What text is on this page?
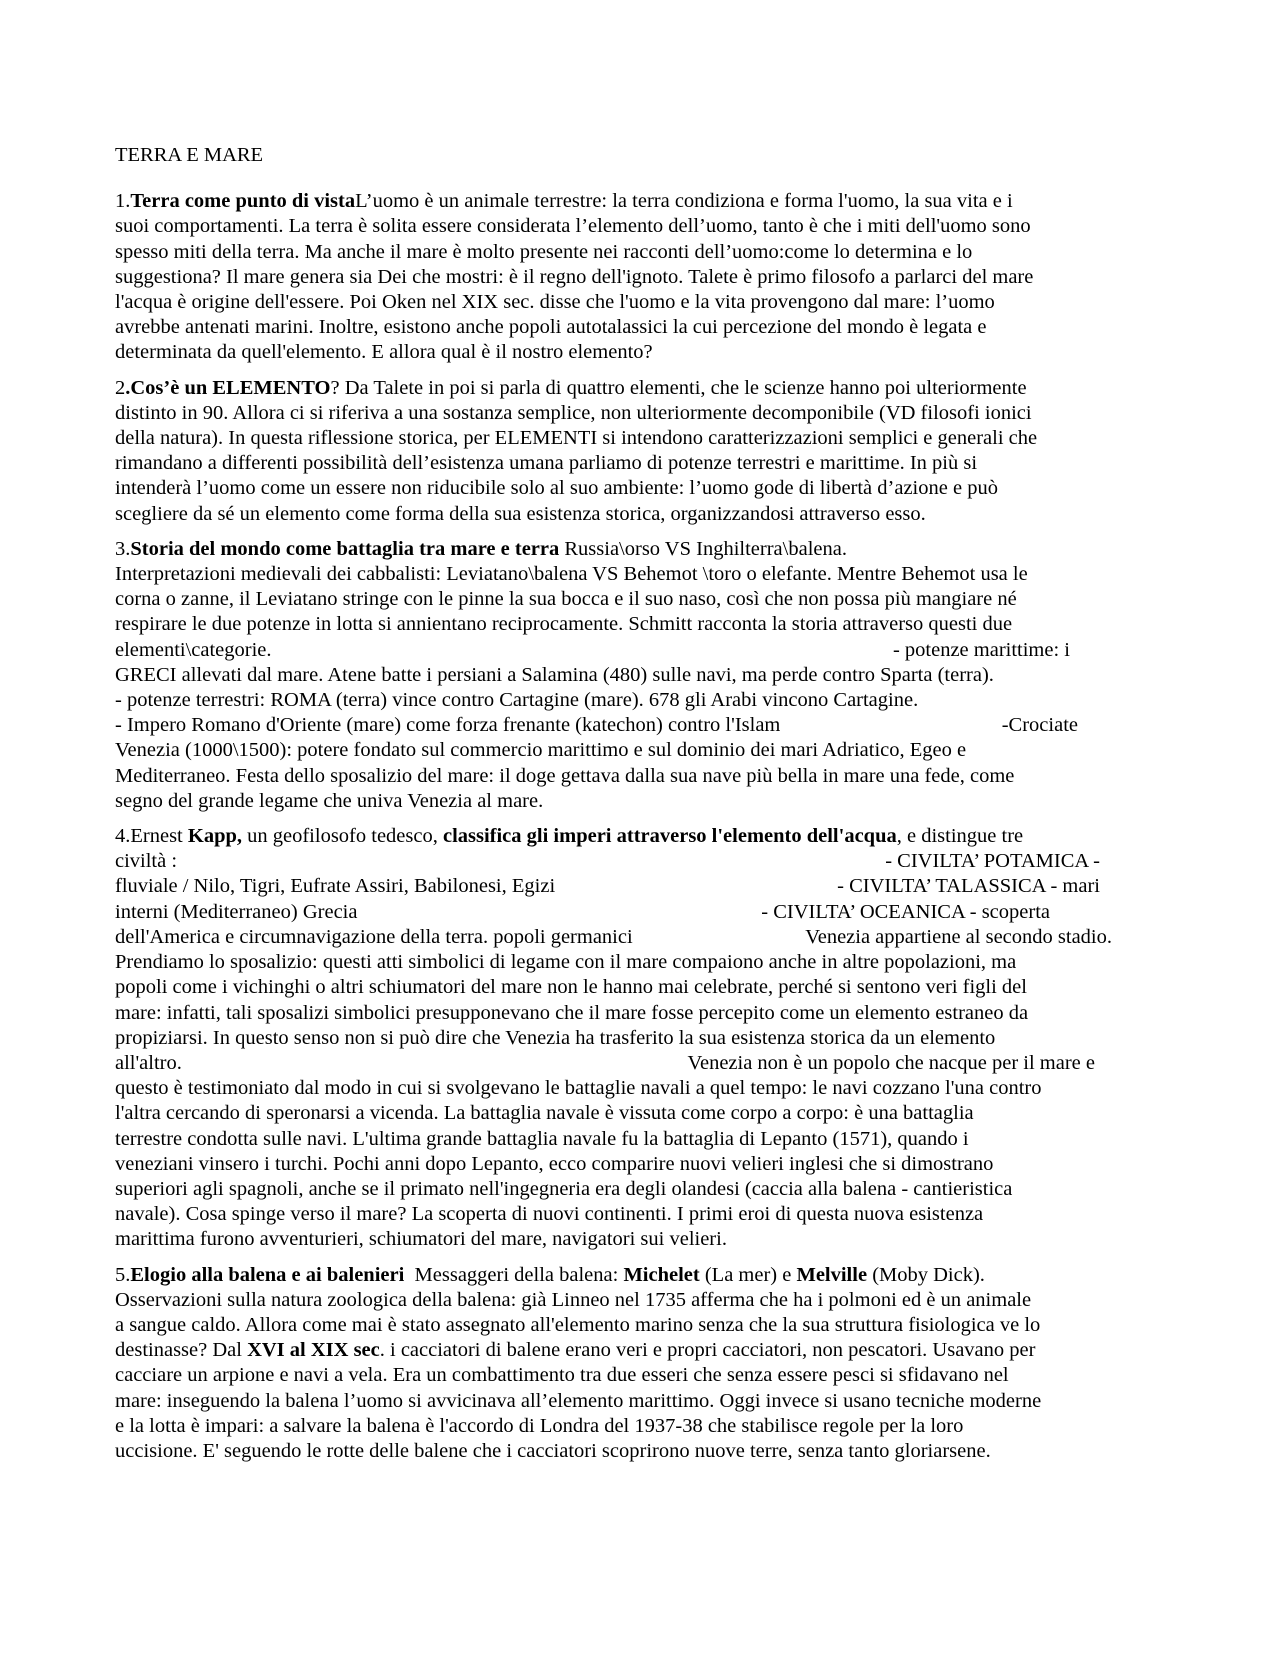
TERRA E MARE
1.Terra come punto di vistaL’uomo è un animale terrestre: la terra condiziona e forma l'uomo, la sua vita e i
suoi comportamenti. La terra è solita essere considerata l’elemento dell’uomo, tanto è che i miti dell'uomo sono
spesso miti della terra. Ma anche il mare è molto presente nei racconti dell’uomo:come lo determina e lo
suggestiona? Il mare genera sia Dei che mostri: è il regno dell'ignoto. Talete è primo filosofo a parlarci del mare
l'acqua è origine dell'essere. Poi Oken nel XIX sec. disse che l'uomo e la vita provengono dal mare: l’uomo
avrebbe antenati marini. Inoltre, esistono anche popoli autotalassici la cui percezione del mondo è legata e
determinata da quell'elemento. E allora qual è il nostro elemento?
2.Cos’è un ELEMENTO? Da Talete in poi si parla di quattro elementi, che le scienze hanno poi ulteriormente
distinto in 90. Allora ci si riferiva a una sostanza semplice, non ulteriormente decomponibile (VD filosofi ionici
della natura). In questa riflessione storica, per ELEMENTI si intendono caratterizzazioni semplici e generali che
rimandano a differenti possibilità dell’esistenza umana parliamo di potenze terrestri e marittime. In più si
intenderà l’uomo come un essere non riducibile solo al suo ambiente: l’uomo gode di libertà d’azione e può
scegliere da sé un elemento come forma della sua esistenza storica, organizzandosi attraverso esso.
3.Storia del mondo come battaglia tra mare e terra Russia\orso VS Inghilterra\balena.
Interpretazioni medievali dei cabbalisti: Leviatano\balena VS Behemot \toro o elefante. Mentre Behemot usa le
corna o zanne, il Leviatano stringe con le pinne la sua bocca e il suo naso, così che non possa più mangiare né
respirare le due potenze in lotta si annientano reciprocamente. Schmitt racconta la storia attraverso questi due
elementi\categorie.	- potenze marittime: i
GRECI allevati dal mare. Atene batte i persiani a Salamina (480) sulle navi, ma perde contro Sparta (terra).
- potenze terrestri: ROMA (terra) vince contro Cartagine (mare). 678 gli Arabi vincono Cartagine.
- Impero Romano d'Oriente (mare) come forza frenante (katechon) contro l'Islam	-Crociate
Venezia (1000\1500): potere fondato sul commercio marittimo e sul dominio dei mari Adriatico, Egeo e
Mediterraneo. Festa dello sposalizio del mare: il doge gettava dalla sua nave più bella in mare una fede, come
segno del grande legame che univa Venezia al mare.
4.Ernest Kapp, un geofilosofo tedesco, classifica gli imperi attraverso l'elemento dell'acqua, e distingue tre
civiltà :	- CIVILTA’ POTAMICA -
fluviale / Nilo, Tigri, Eufrate Assiri, Babilonesi, Egizi	- CIVILTA’ TALASSICA - mari
interni (Mediterraneo) Grecia	- CIVILTA’ OCEANICA - scoperta
dell'America e circumnavigazione della terra. popoli germanici	Venezia appartiene al secondo stadio.
Prendiamo lo sposalizio: questi atti simbolici di legame con il mare compaiono anche in altre popolazioni, ma
popoli come i vichinghi o altri schiumatori del mare non le hanno mai celebrate, perché si sentono veri figli del
mare: infatti, tali sposalizi simbolici presupponevano che il mare fosse percepito come un elemento estraneo da
propiziarsi. In questo senso non si può dire che Venezia ha trasferito la sua esistenza storica da un elemento
all'altro.	Venezia non è un popolo che nacque per il mare e
questo è testimoniato dal modo in cui si svolgevano le battaglie navali a quel tempo: le navi cozzano l'una contro
l'altra cercando di speronarsi a vicenda. La battaglia navale è vissuta come corpo a corpo: è una battaglia
terrestre condotta sulle navi. L'ultima grande battaglia navale fu la battaglia di Lepanto (1571), quando i
veneziani vinsero i turchi. Pochi anni dopo Lepanto, ecco comparire nuovi velieri inglesi che si dimostrano
superiori agli spagnoli, anche se il primato nell'ingegneria era degli olandesi (caccia alla balena - cantieristica
navale). Cosa spinge verso il mare? La scoperta di nuovi continenti. I primi eroi di questa nuova esistenza
marittima furono avventurieri, schiumatori del mare, navigatori sui velieri.
5.Elogio alla balena e ai balenieri  Messaggeri della balena: Michelet (La mer) e Melville (Moby Dick).
Osservazioni sulla natura zoologica della balena: già Linneo nel 1735 afferma che ha i polmoni ed è un animale
a sangue caldo. Allora come mai è stato assegnato all'elemento marino senza che la sua struttura fisiologica ve lo
destinasse? Dal XVI al XIX sec. i cacciatori di balene erano veri e propri cacciatori, non pescatori. Usavano per
cacciare un arpione e navi a vela. Era un combattimento tra due esseri che senza essere pesci si sfidavano nel
mare: inseguendo la balena l’uomo si avvicinava all’elemento marittimo. Oggi invece si usano tecniche moderne
e la lotta è impari: a salvare la balena è l'accordo di Londra del 1937-38 che stabilisce regole per la loro
uccisione. E' seguendo le rotte delle balene che i cacciatori scoprirono nuove terre, senza tanto gloriarsene.
